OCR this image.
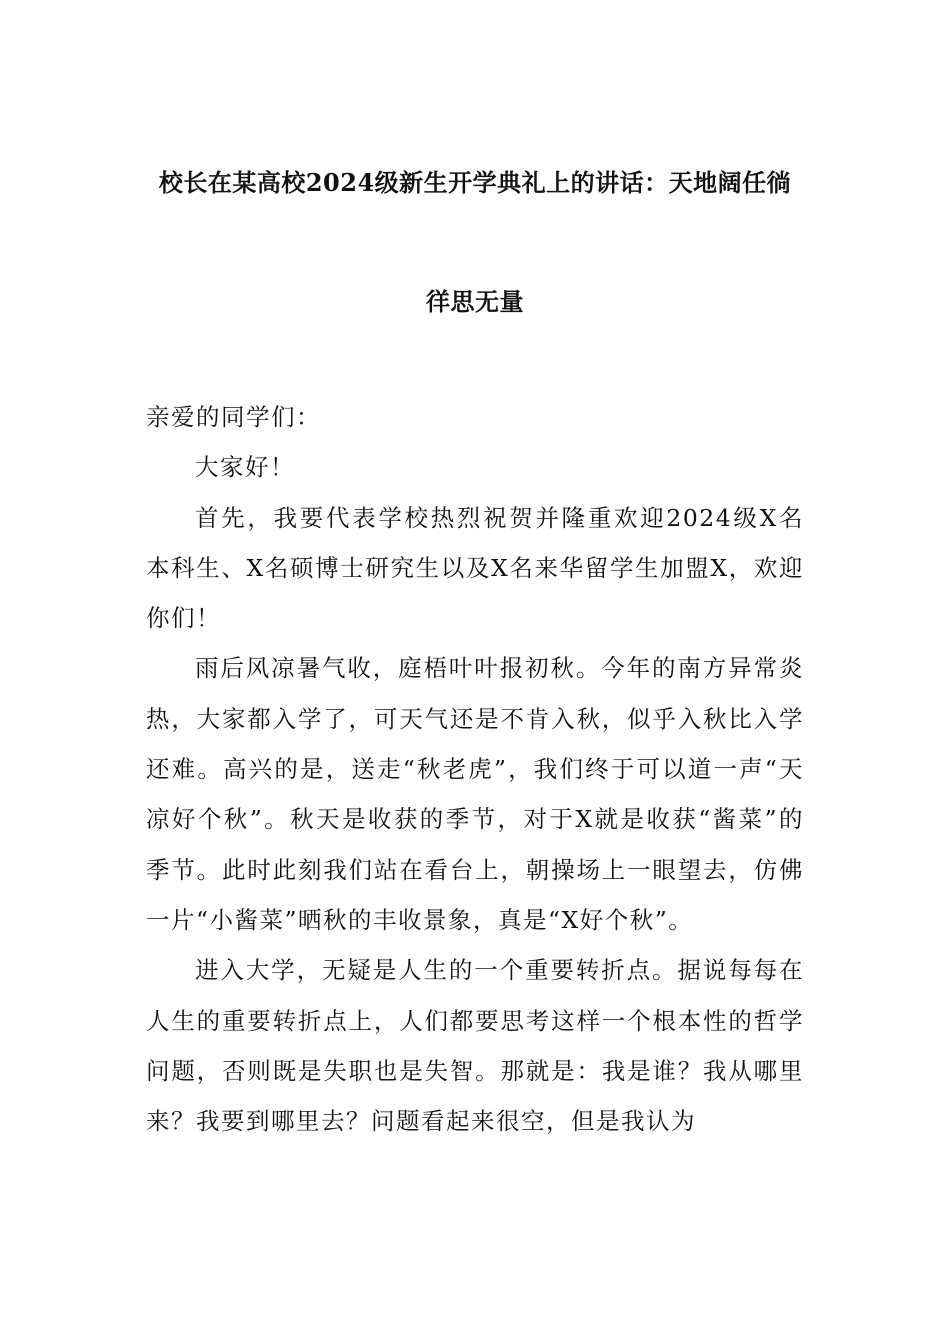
校长在某高校2024级新生开学典礼上的讲话：天地阔任徜
徉思无量

亲爱的同学们：

大家好！

首先，我要代表学校热烈祝贺并隆重欢迎2024级X名本科生、X名硕博士研究生以及X名来华留学生加盟X，欢迎你们！

雨后风凉暑气收，庭梧叶叶报初秋。今年的南方异常炎热，大家都入学了，可天气还是不肯入秋，似乎入秋比入学还难。高兴的是，送走“秋老虎”，我们终于可以道一声“天凉好个秋”。秋天是收获的季节，对于X就是收获“酱菜”的季节。此时此刻我们站在看台上，朝操场上一眼望去，仿佛一片“小酱菜”晒秋的丰收景象，真是“X好个秋”。

进入大学，无疑是人生的一个重要转折点。据说每每在人生的重要转折点上，人们都要思考这样一个根本性的哲学问题，否则既是失职也是失智。那就是：我是谁？我从哪里来？我要到哪里去？问题看起来很空，但是我认为
